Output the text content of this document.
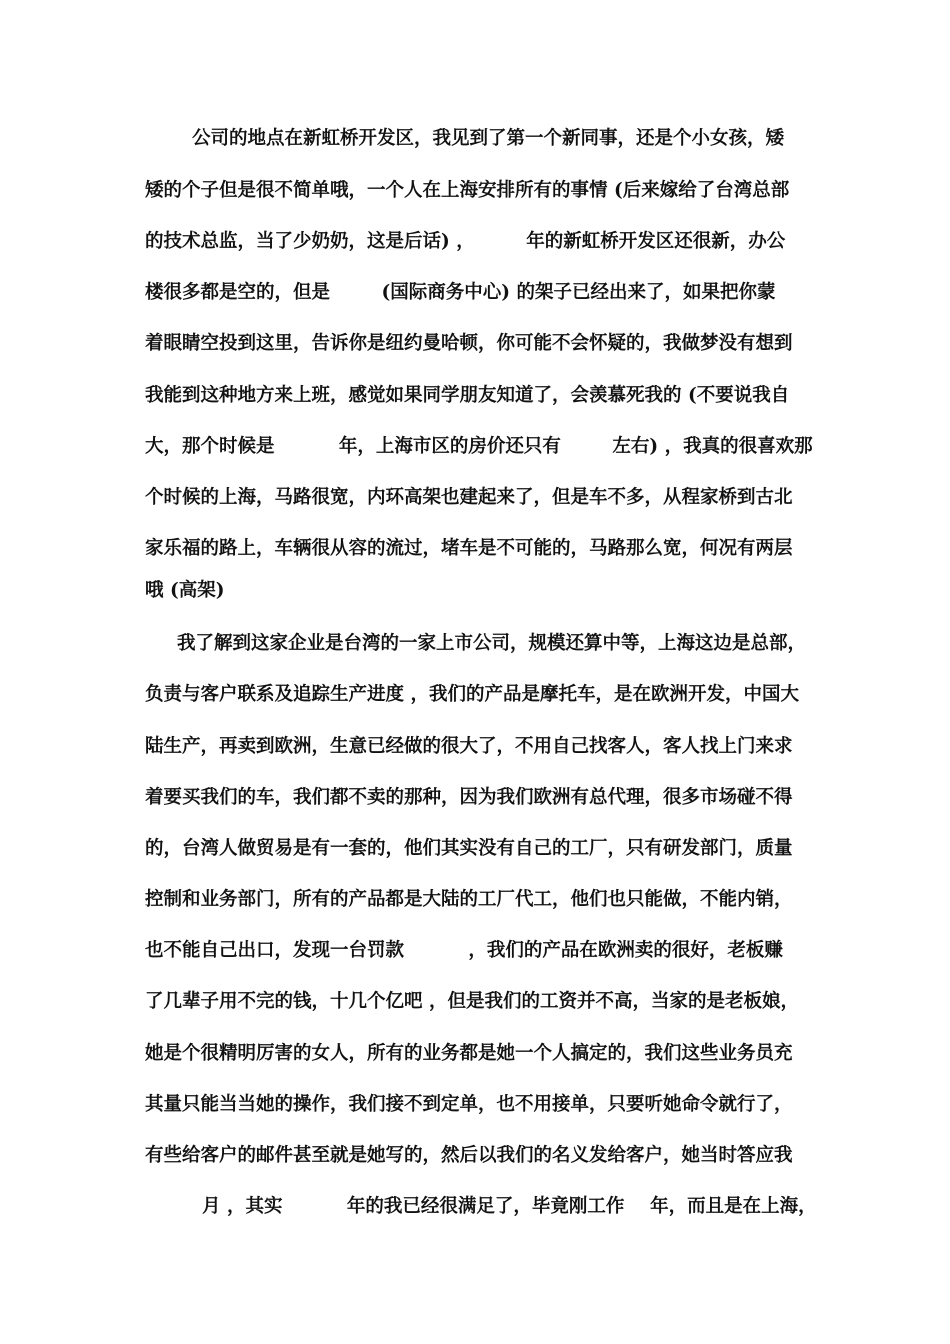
公司的地点在新虹桥开发区，我见到了第一个新同事，还是个小女孩，矮
矮的个子但是很不简单哦，一个人在上海安排所有的事情 (后来嫁给了台湾总部
的技术总监，当了少奶奶，这是后话) ，        年的新虹桥开发区还很新，办公
楼很多都是空的，但是        (国际商务中心) 的架子已经出来了，如果把你蒙
着眼睛空投到这里，告诉你是纽约曼哈顿，你可能不会怀疑的，我做梦没有想到
我能到这种地方来上班，感觉如果同学朋友知道了，会羡慕死我的 (不要说我自
大，那个时候是          年，上海市区的房价还只有        左右) ，我真的很喜欢那
个时候的上海，马路很宽，内环高架也建起来了，但是车不多，从程家桥到古北
家乐福的路上，车辆很从容的流过，堵车是不可能的，马路那么宽，何况有两层
哦 (高架)
我了解到这家企业是台湾的一家上市公司，规模还算中等，上海这边是总部，
负责与客户联系及追踪生产进度 ，我们的产品是摩托车，是在欧洲开发，中国大
陆生产，再卖到欧洲，生意已经做的很大了，不用自己找客人，客人找上门来求
着要买我们的车，我们都不卖的那种，因为我们欧洲有总代理，很多市场碰不得
的，台湾人做贸易是有一套的，他们其实没有自己的工厂，只有研发部门，质量
控制和业务部门，所有的产品都是大陆的工厂代工，他们也只能做，不能内销，
也不能自己出口，发现一台罚款          ，我们的产品在欧洲卖的很好，老板赚
了几辈子用不完的钱，十几个亿吧 ，但是我们的工资并不高，当家的是老板娘，
她是个很精明厉害的女人，所有的业务都是她一个人搞定的，我们这些业务员充
其量只能当当她的操作，我们接不到定单，也不用接单，只要听她命令就行了，
有些给客户的邮件甚至就是她写的，然后以我们的名义发给客户，她当时答应我
月 ，其实          年的我已经很满足了，毕竟刚工作    年，而且是在上海，
